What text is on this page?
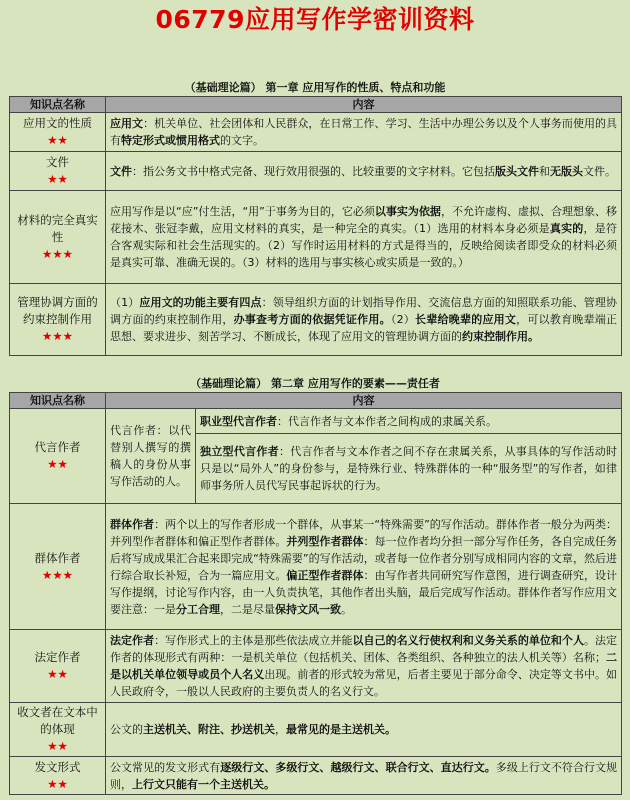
06779应用写作学密训资料
（基础理论篇） 第一章 应用写作的性质、特点和功能
知识点名称	内容
应用文的性质
★★	应用文：机关单位、社会团体和人民群众，在日常工作、学习、生活中办理公务以及个人事务而使用的具有特定形式或惯用格式的文字。
文件
★★	文件：指公务文书中格式完备、现行效用很强的、比较重要的文字材料。它包括版头文件和无版头文件。
材料的完全真实性
★★★	应用写作是以“应”付生活，“用”于事务为目的，它必须以事实为依据，不允许虚构、虚拟、合理想象、移花接木、张冠李戴，应用文材料的真实，是一种完全的真实。（1）选用的材料本身必须是真实的，是符合客观实际和社会生活现实的。（2）写作时运用材料的方式是得当的，反映给阅读者即受众的材料必须是真实可靠、准确无误的。（3）材料的选用与事实核心或实质是一致的。）
管理协调方面的约束控制作用
★★★	（1）应用文的功能主要有四点：领导组织方面的计划指导作用、交流信息方面的知照联系功能、管理协调方面的约束控制作用，办事查考方面的依据凭证作用。（2）长辈给晚辈的应用文，可以教育晚辈端正思想、要求进步、刻苦学习、不断成长，体现了应用文的管理协调方面的约束控制作用。
（基础理论篇） 第二章 应用写作的要素——责任者
知识点名称	内容	
代言作者
★★	代言作者：以代替别人撰写的撰稿人的身份从事写作活动的人。	职业型代言作者：代言作者与文本作者之间构成的隶属关系。
		独立型代言作者：代言作者与文本作者之间不存在隶属关系，从事具体的写作活动时只是以“局外人”的身份参与，是特殊行业、特殊群体的一种“服务型”的写作者，如律师事务所人员代写民事起诉状的行为。
群体作者
★★★	群体作者：两个以上的写作者形成一个群体，从事某一“特殊需要”的写作活动。群体作者一般分为两类：并列型作者群体和偏正型作者群体。并列型作者群体：每一位作者均分担一部分写作任务，各自完成任务后将写成成果汇合起来即完成“特殊需要”的写作活动，或者每一位作者分别写成相同内容的文章，然后进行综合取长补短，合为一篇应用文。偏正型作者群体：由写作者共同研究写作意图，进行调查研究，设计写作提纲，讨论写作内容，由一人负责执笔，其他作者出头脑，最后完成写作活动。群体作者写作应用文要注意：一是分工合理，二是尽量保持文风一致。	
法定作者
★★	法定作者：写作形式上的主体是那些依法成立并能以自己的名义行使权利和义务关系的单位和个人。法定作者的体现形式有两种：一是机关单位（包括机关、团体、各类组织、各种独立的法人机关等）名称；二是以机关单位领导或员个人名义出现。前者的形式较为常见，后者主要见于部分命令、决定等文书中。如人民政府令，一般以人民政府的主要负责人的名义行文。	
收文者在文本中的体现
★★	公文的主送机关、附注、抄送机关，最常见的是主送机关。	
发文形式
★★	公文常见的发文形式有逐级行文、多级行文、越级行文、联合行文、直达行文。多级上行文不符合行文规则，上行文只能有一个主送机关。	
